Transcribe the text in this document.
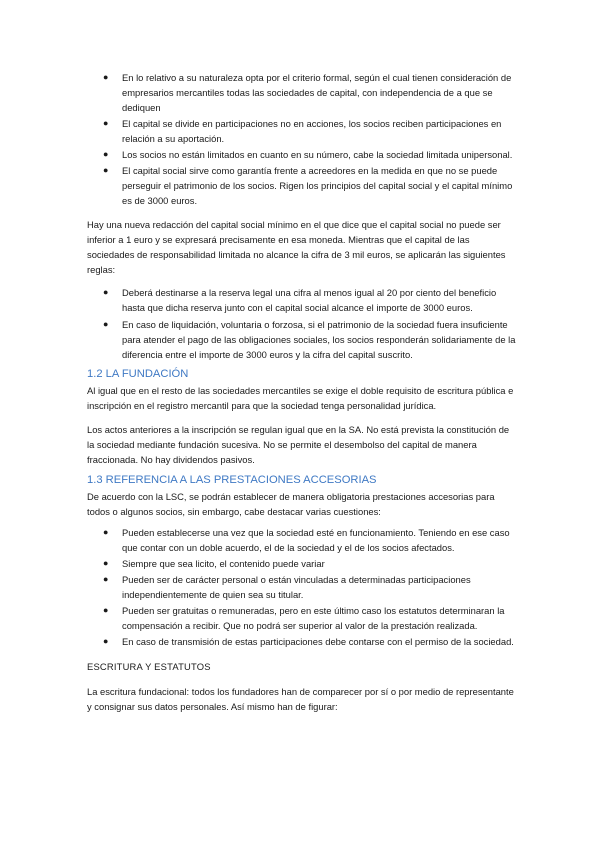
● En lo relativo a su naturaleza opta por el criterio formal, según el cual tienen consideración de empresarios mercantiles todas las sociedades de capital, con independencia de a que se dediquen
● El capital se divide en participaciones no en acciones, los socios reciben participaciones en relación a su aportación.
● Los socios no están limitados en cuanto en su número, cabe la sociedad limitada unipersonal.
● El capital social sirve como garantía frente a acreedores en la medida en que no se puede perseguir el patrimonio de los socios. Rigen los principios del capital social y el capital mínimo es de 3000 euros.

Hay una nueva redacción del capital social mínimo en el que dice que el capital social no puede ser inferior a 1 euro y se expresará precisamente en esa moneda. Mientras que el capital de las sociedades de responsabilidad limitada no alcance la cifra de 3 mil euros, se aplicarán las siguientes reglas:

● Deberá destinarse a la reserva legal una cifra al menos igual al 20 por ciento del beneficio hasta que dicha reserva junto con el capital social alcance el importe de 3000 euros.
● En caso de liquidación, voluntaria o forzosa, si el patrimonio de la sociedad fuera insuficiente para atender el pago de las obligaciones sociales, los socios responderán solidariamente de la diferencia entre el importe de 3000 euros y la cifra del capital suscrito.
1.2 LA FUNDACIÓN

Al igual que en el resto de las sociedades mercantiles se exige el doble requisito de escritura pública e inscripción en el registro mercantil para que la sociedad tenga personalidad jurídica.

Los actos anteriores a la inscripción se regulan igual que en la SA. No está prevista la constitución de la sociedad mediante fundación sucesiva. No se permite el desembolso del capital de manera fraccionada. No hay dividendos pasivos.

1.3 REFERENCIA A LAS PRESTACIONES ACCESORIAS

De acuerdo con la LSC, se podrán establecer de manera obligatoria prestaciones accesorias para todos o algunos socios, sin embargo, cabe destacar varias cuestiones:

● Pueden establecerse una vez que la sociedad esté en funcionamiento. Teniendo en ese caso que contar con un doble acuerdo, el de la sociedad y el de los socios afectados.
● Siempre que sea licito, el contenido puede variar
● Pueden ser de carácter personal o están vinculadas a determinadas participaciones independientemente de quien sea su titular.
● Pueden ser gratuitas o remuneradas, pero en este último caso los estatutos determinaran la compensación a recibir. Que no podrá ser superior al valor de la prestación realizada.
● En caso de transmisión de estas participaciones debe contarse con el permiso de la sociedad.

ESCRITURA Y ESTATUTOS

La escritura fundacional: todos los fundadores han de comparecer por sí o por medio de representante y consignar sus datos personales. Así mismo han de figurar:
